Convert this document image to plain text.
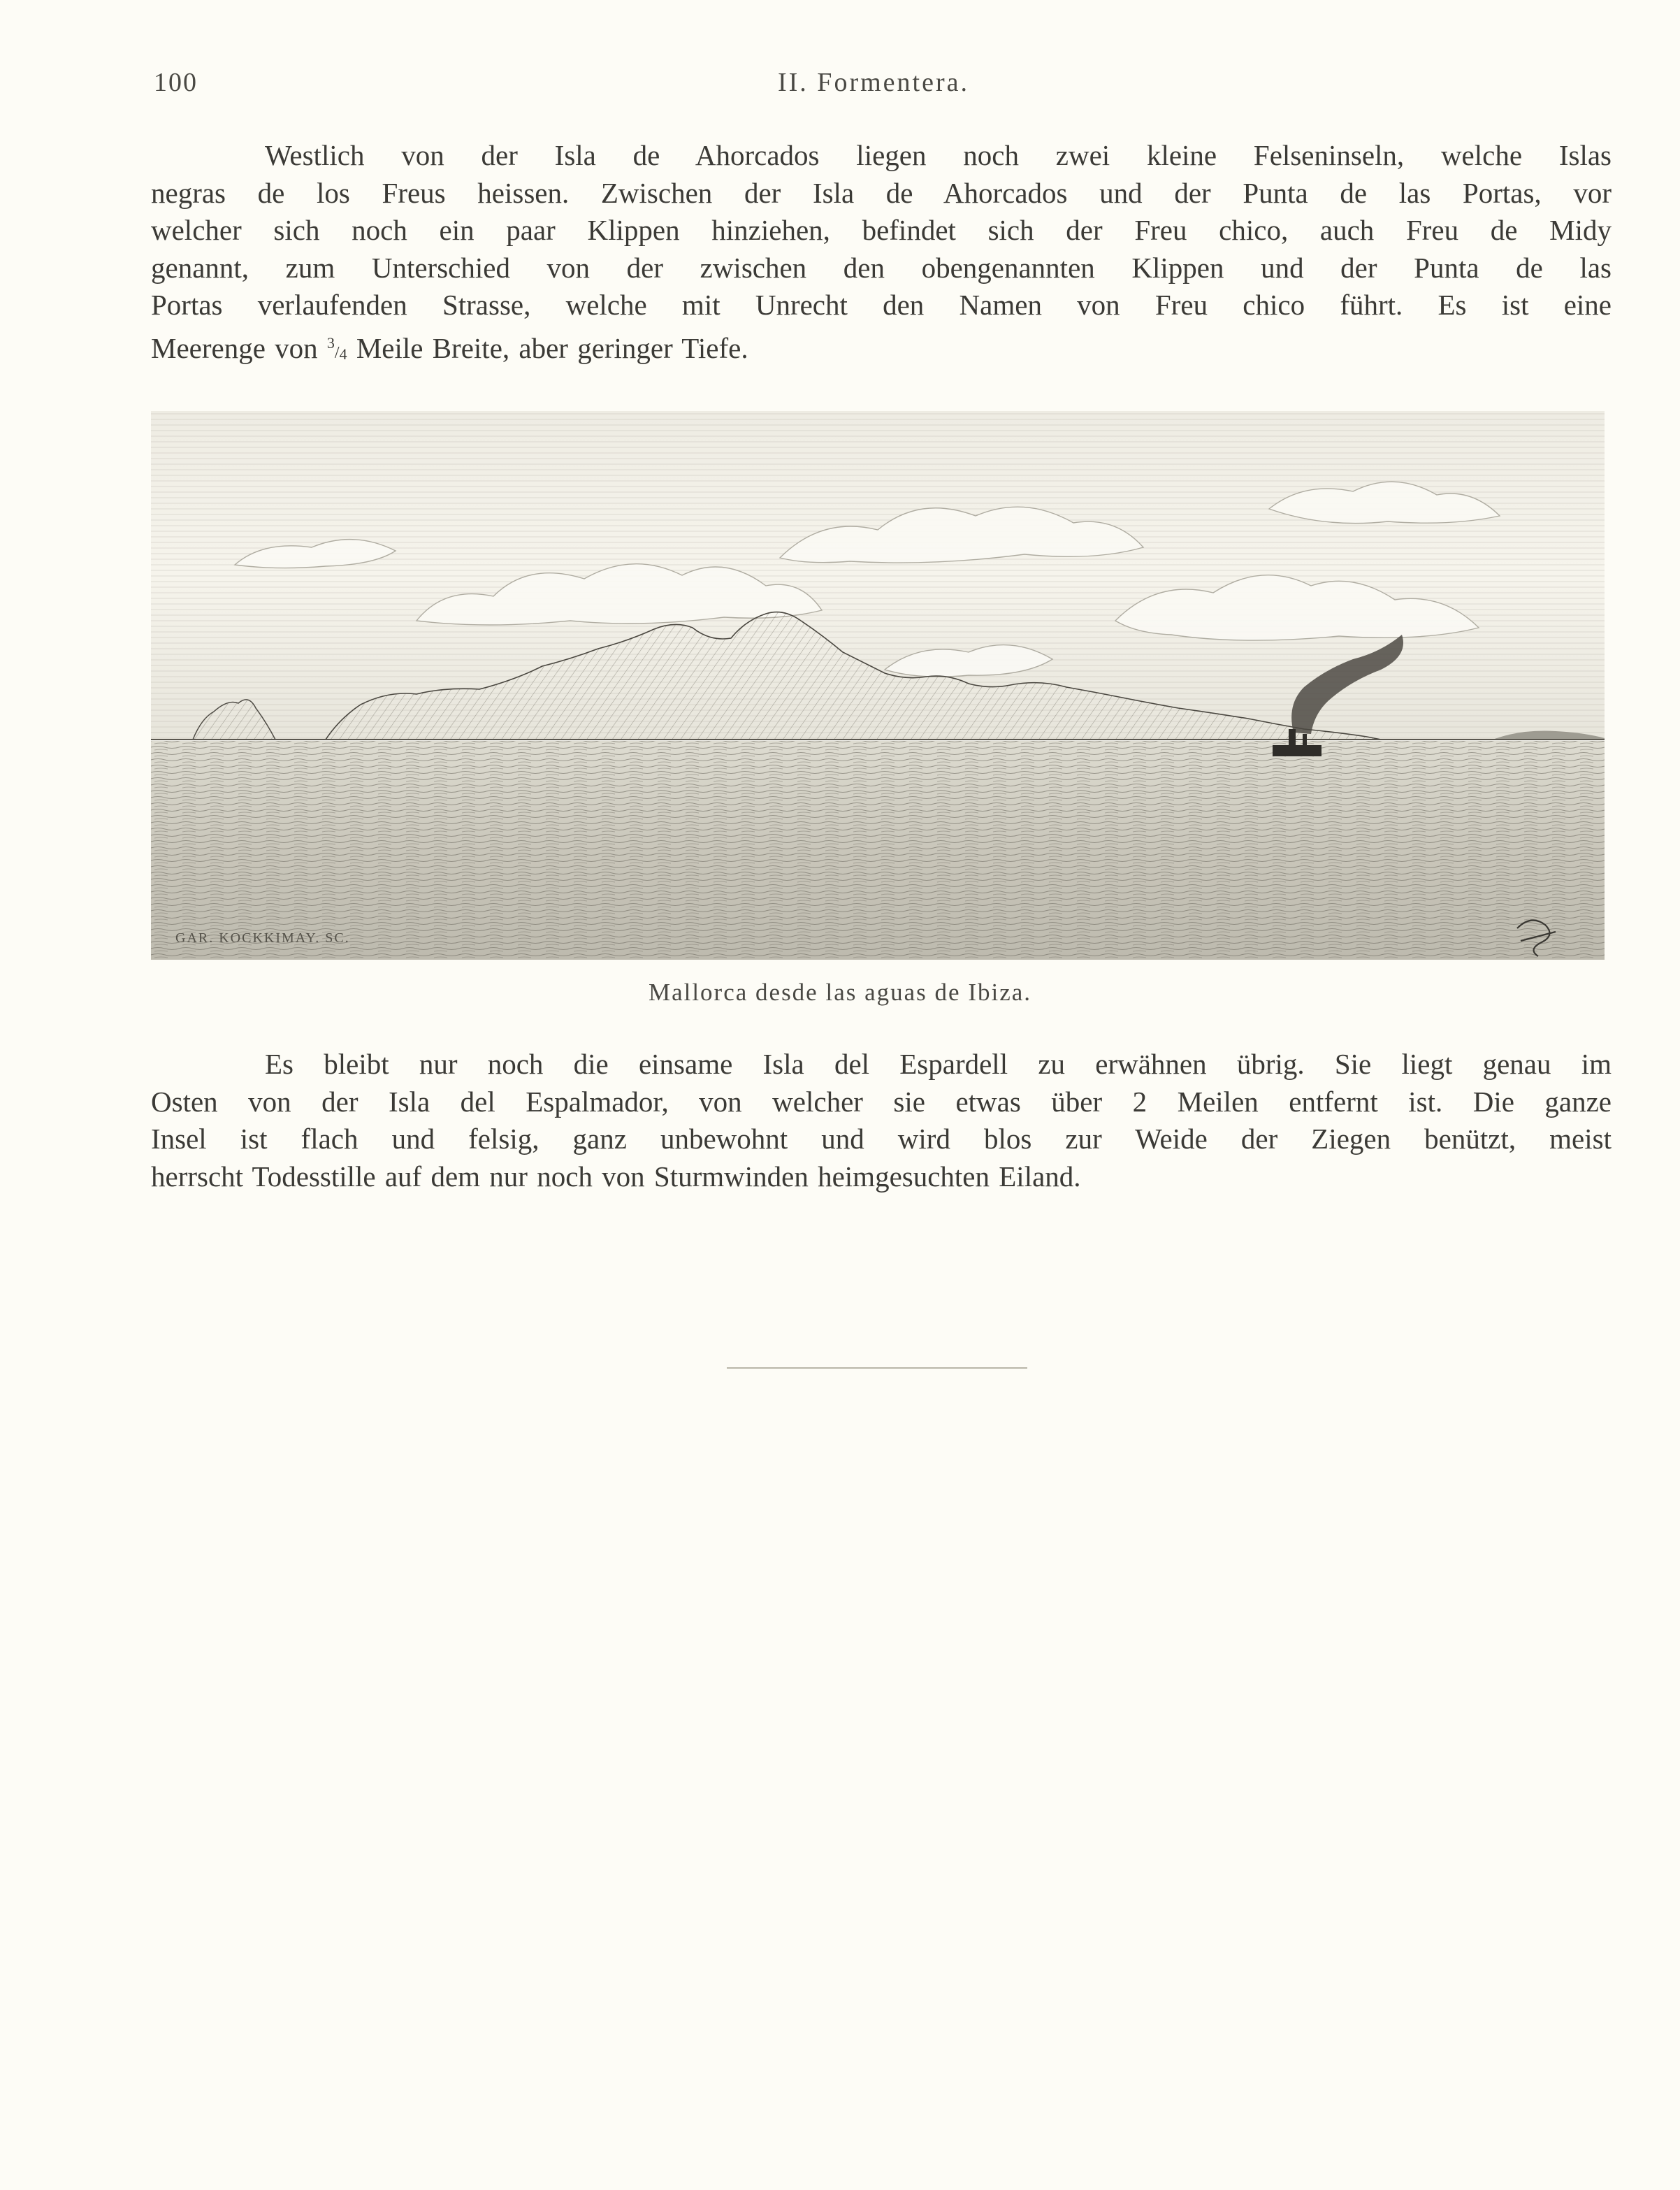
100	II. Formentera.

Westlich von der Isla de Ahorcados liegen noch zwei kleine Felseninseln, welche Islas
negras de los Freus heissen. Zwischen der Isla de Ahorcados und der Punta de las Portas, vor
welcher sich noch ein paar Klippen hinziehen, befindet sich der Freu chico, auch Freu de Midy
genannt, zum Unterschied von der zwischen den obengenannten Klippen und der Punta de las
Portas verlaufenden Strasse, welche mit Unrecht den Namen von Freu chico führt. Es ist eine
Meerenge von $^3/_4$ Meile Breite, aber geringer Tiefe.

GAR. KOCKKIMAY. SC.
Mallorca desde las aguas de Ibiza.

Es bleibt nur noch die einsame Isla del Espardell zu erwähnen übrig. Sie liegt genau im
Osten von der Isla del Espalmador, von welcher sie etwas über 2 Meilen entfernt ist. Die ganze
Insel ist flach und felsig, ganz unbewohnt und wird blos zur Weide der Ziegen benützt, meist
herrscht Todesstille auf dem nur noch von Sturmwinden heimgesuchten Eiland.
